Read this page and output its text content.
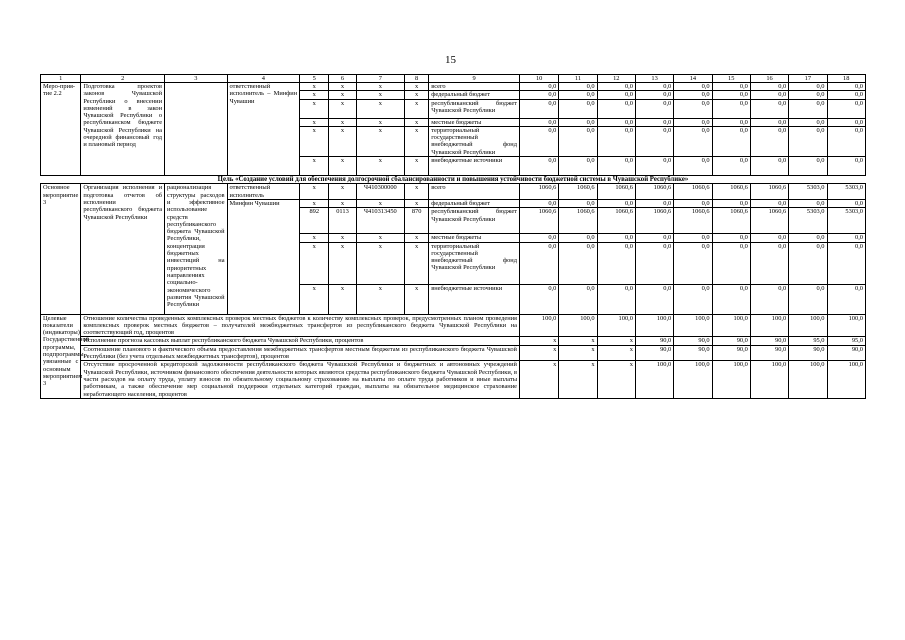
15
1	2	3	4	5	6	7	8	9	10	11	12	13	14	15	16	17	18
Меро-прия-тие 2.2	Подготовка проектов законов Чувашской Республики о внесении изменений в закон Чувашской Республики о республиканском бюджете Чувашской Республики на очередной финансовый год и плановый период		ответственный исполнитель – Минфин Чувашии	x	x	x	x	всего	0,0	0,0	0,0	0,0	0,0	0,0	0,0	0,0	0,0
				x	x	x	x	федеральный бюджет	0,0	0,0	0,0	0,0	0,0	0,0	0,0	0,0	0,0
				x	x	x	x	республиканский бюджет Чувашской Республики	0,0	0,0	0,0	0,0	0,0	0,0	0,0	0,0	0,0
				x	x	x	x	местные бюджеты	0,0	0,0	0,0	0,0	0,0	0,0	0,0	0,0	0,0
				x	x	x	x	территориальный государственный внебюджетный фонд Чувашской Республики	0,0	0,0	0,0	0,0	0,0	0,0	0,0	0,0	0,0
				x	x	x	x	внебюджетные источники	0,0	0,0	0,0	0,0	0,0	0,0	0,0	0,0	0,0
Цель «Создание условий для обеспечения долгосрочной сбалансированности и повышения устойчивости бюджетной системы в Чувашской Республике»																	
Основное мероприятие 3	Организация исполнения и подготовка отчетов об исполнении республиканского бюджета Чувашской Республики	рационализация структуры расходов и эффективное использование средств республиканского бюджета Чувашской Республики, концентрация бюджетных инвестиций на приоритетных направлениях социально-экономического развития Чувашской Республики	ответственный исполнитель	x	x	Ч410300000	x	всего	1060,6	1060,6	1060,6	1060,6	1060,6	1060,6	1060,6	5303,0	5303,0
			Минфин Чувашии	x	x	x	x	федеральный бюджет	0,0	0,0	0,0	0,0	0,0	0,0	0,0	0,0	0,0
				892	0113	Ч410313450	870	республиканский бюджет Чувашской Республики	1060,6	1060,6	1060,6	1060,6	1060,6	1060,6	1060,6	5303,0	5303,0
				x	x	x	x	местные бюджеты	0,0	0,0	0,0	0,0	0,0	0,0	0,0	0,0	0,0
				x	x	x	x	территориальный государственный внебюджетный фонд Чувашской Республики	0,0	0,0	0,0	0,0	0,0	0,0	0,0	0,0	0,0
				x	x	x	x	внебюджетные источники	0,0	0,0	0,0	0,0	0,0	0,0	0,0	0,0	0,0
Целевые показатели (индикаторы) Государственной программы, подпрограммы, увязанные с основным мероприятием 3	Отношение количества проведенных комплексных проверок местных бюджетов к количеству комплексных проверок, предусмотренных планом проведения комплексных проверок местных бюджетов – получателей межбюджетных трансфертов из республиканского бюджета Чувашской Республики на соответствующий год, процентов								100,0	100,0	100,0	100,0	100,0	100,0	100,0	100,0	100,0
	Исполнение прогноза кассовых выплат республиканского бюджета Чувашской Республики, процентов								x	x	x	90,0	90,0	90,0	90,0	95,0	95,0
	Соотношение планового и фактического объема предоставления межбюджетных трансфертов местным бюджетам из республиканского бюджета Чувашской Республики (без учета отдельных межбюджетных трансфертов), процентов								x	x	x	90,0	90,0	90,0	90,0	90,0	90,0
	Отсутствие просроченной кредиторской задолженности республиканского бюджета Чувашской Республики и бюджетных и автономных учреждений Чувашской Республики, источником финансового обеспечения деятельности которых являются средства республиканского бюджета Чувашской Республики, в части расходов на оплату труда, уплату взносов по обязательному социальному страхованию на выплаты по оплате труда работников и иные выплаты работникам, а также обеспечение мер социальной поддержки отдельных категорий граждан, выплаты на обязательное медицинское страхование неработающего населения, процентов								x	x	x	100,0	100,0	100,0	100,0	100,0	100,0
